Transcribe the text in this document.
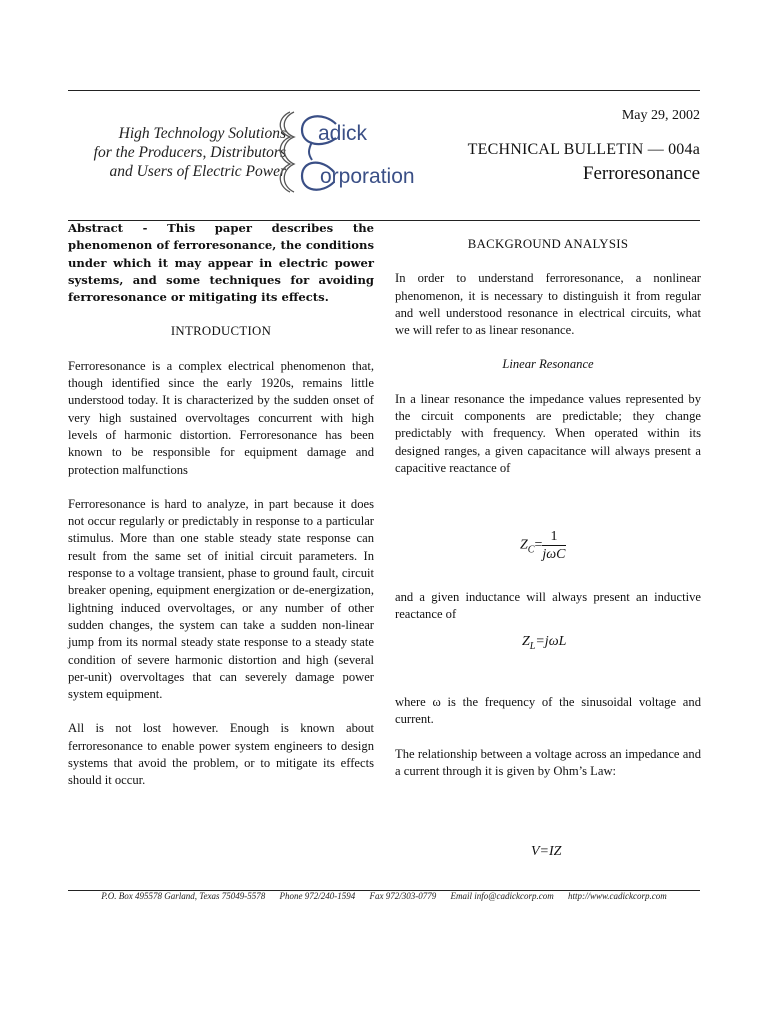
High Technology Solutions
for the Producers, Distributors
and Users of Electric Power
adick
orporation
May 29, 2002
TECHNICAL BULLETIN — 004a
Ferroresonance

Abstract - This paper describes the phenomenon of ferroresonance, the conditions under which it may appear in electric power systems, and some techniques for avoiding ferroresonance or mitigating its effects.

INTRODUCTION

Ferroresonance is a complex electrical phenomenon that, though identified since the early 1920s, remains little understood today. It is characterized by the sudden onset of very high sustained overvoltages concurrent with high levels of harmonic distortion. Ferroresonance has been known to be responsible for equipment damage and protection malfunctions

Ferroresonance is hard to analyze, in part because it does not occur regularly or predictably in response to a particular stimulus. More than one stable steady state response can result from the same set of initial circuit parameters. In response to a voltage transient, phase to ground fault, circuit breaker opening, equipment energization or de-energization, lightning induced overvoltages, or any number of other sudden changes, the system can take a sudden non-linear jump from its normal steady state response to a steady state condition of severe harmonic distortion and high (several per-unit) overvoltages that can severely damage power system equipment.

All is not lost however. Enough is known about ferroresonance to enable power system engineers to design systems that avoid the problem, or to mitigate its effects should it occur.

BACKGROUND ANALYSIS

In order to understand ferroresonance, a nonlinear phenomenon, it is necessary to distinguish it from regular and well understood resonance in electrical circuits, what we will refer to as linear resonance.

Linear Resonance

In a linear resonance the impedance values represented by the circuit components are predictable; they change predictably with frequency. When operated within its designed ranges, a given capacitance will always present a capacitive reactance of

$Z_C= \frac{1}{\text{jωC}}$

and a given inductance will always present an inductive reactance of

$Z_L=j\omega L$

where ω is the frequency of the sinusoidal voltage and current.

The relationship between a voltage across an impedance and a current through it is given by Ohm’s Law:

V=IZ
P.O. Box 495578 Garland, Texas 75049-5578 Phone 972/240-1594 Fax 972/303-0779 Email info@cadickcorp.com http://www.cadickcorp.com
